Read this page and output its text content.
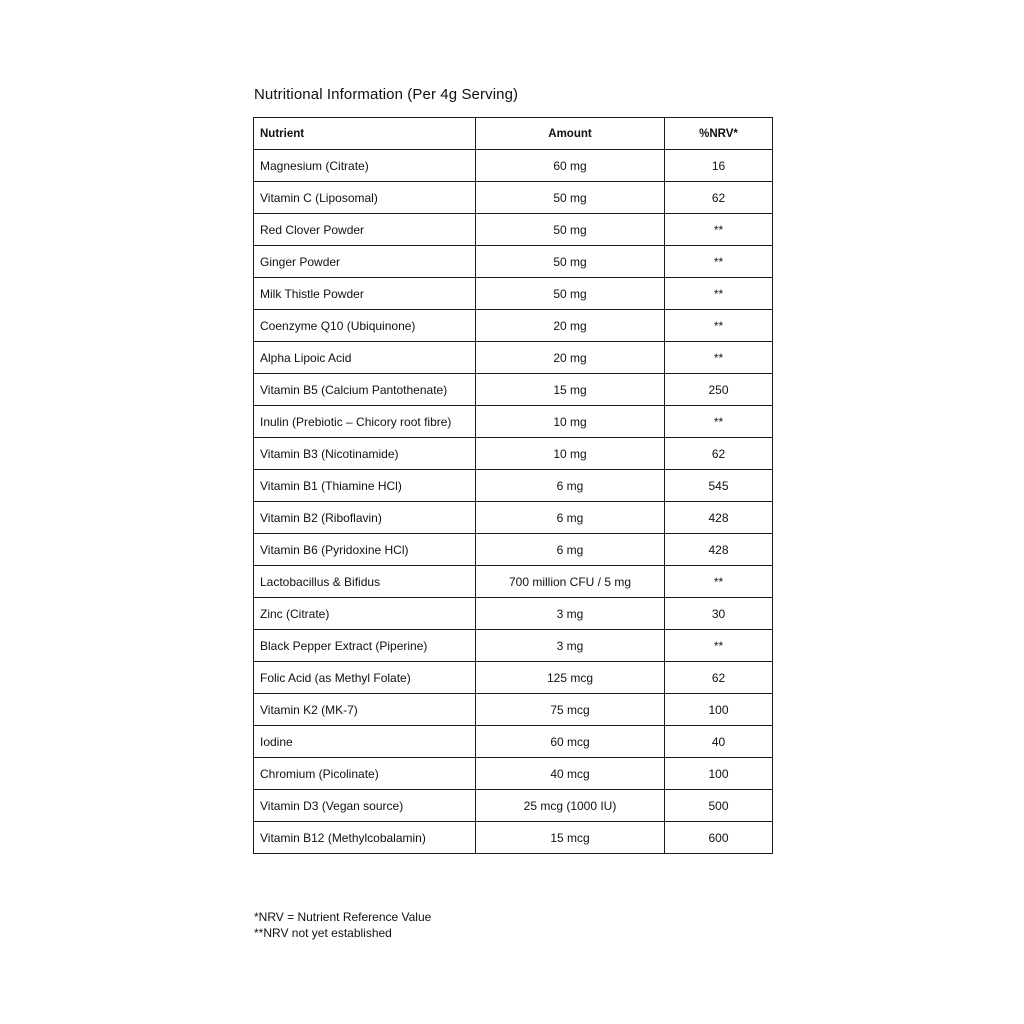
Nutritional Information (Per 4g Serving)
Nutrient	Amount	%NRV*
Magnesium (Citrate)	60 mg	16
Vitamin C (Liposomal)	50 mg	62
Red Clover Powder	50 mg	**
Ginger Powder	50 mg	**
Milk Thistle Powder	50 mg	**
Coenzyme Q10 (Ubiquinone)	20 mg	**
Alpha Lipoic Acid	20 mg	**
Vitamin B5 (Calcium Pantothenate)	15 mg	250
Inulin (Prebiotic – Chicory root fibre)	10 mg	**
Vitamin B3 (Nicotinamide)	10 mg	62
Vitamin B1 (Thiamine HCl)	6 mg	545
Vitamin B2 (Riboflavin)	6 mg	428
Vitamin B6 (Pyridoxine HCl)	6 mg	428
Lactobacillus & Bifidus	700 million CFU / 5 mg	**
Zinc (Citrate)	3 mg	30
Black Pepper Extract (Piperine)	3 mg	**
Folic Acid (as Methyl Folate)	125 mcg	62
Vitamin K2 (MK-7)	75 mcg	100
Iodine	60 mcg	40
Chromium (Picolinate)	40 mcg	100
Vitamin D3 (Vegan source)	25 mcg (1000 IU)	500
Vitamin B12 (Methylcobalamin)	15 mcg	600
*NRV = Nutrient Reference Value
**NRV not yet established
